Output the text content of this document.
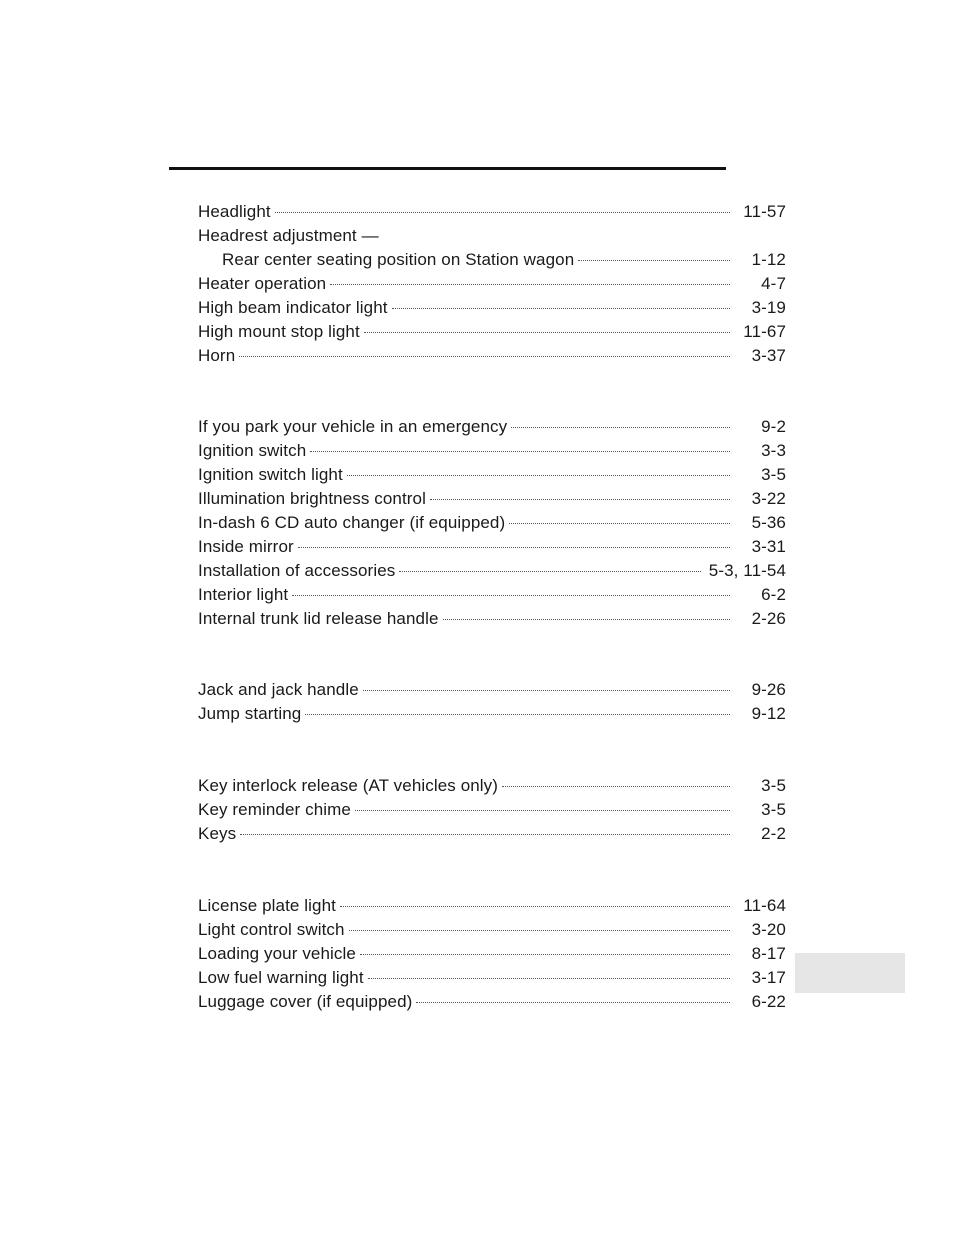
Headlight	11-57
Headrest adjustment —
Rear center seating position on Station wagon	1-12
Heater operation	4-7
High beam indicator light	3-19
High mount stop light	11-67
Horn	3-37
If you park your vehicle in an emergency	9-2
Ignition switch	3-3
Ignition switch light	3-5
Illumination brightness control	3-22
In-dash 6 CD auto changer (if equipped)	5-36
Inside mirror	3-31
Installation of accessories	5-3, 11-54
Interior light	6-2
Internal trunk lid release handle	2-26
Jack and jack handle	9-26
Jump starting	9-12
Key interlock release (AT vehicles only)	3-5
Key reminder chime	3-5
Keys	2-2
License plate light	11-64
Light control switch	3-20
Loading your vehicle	8-17
Low fuel warning light	3-17
Luggage cover (if equipped)	6-22
